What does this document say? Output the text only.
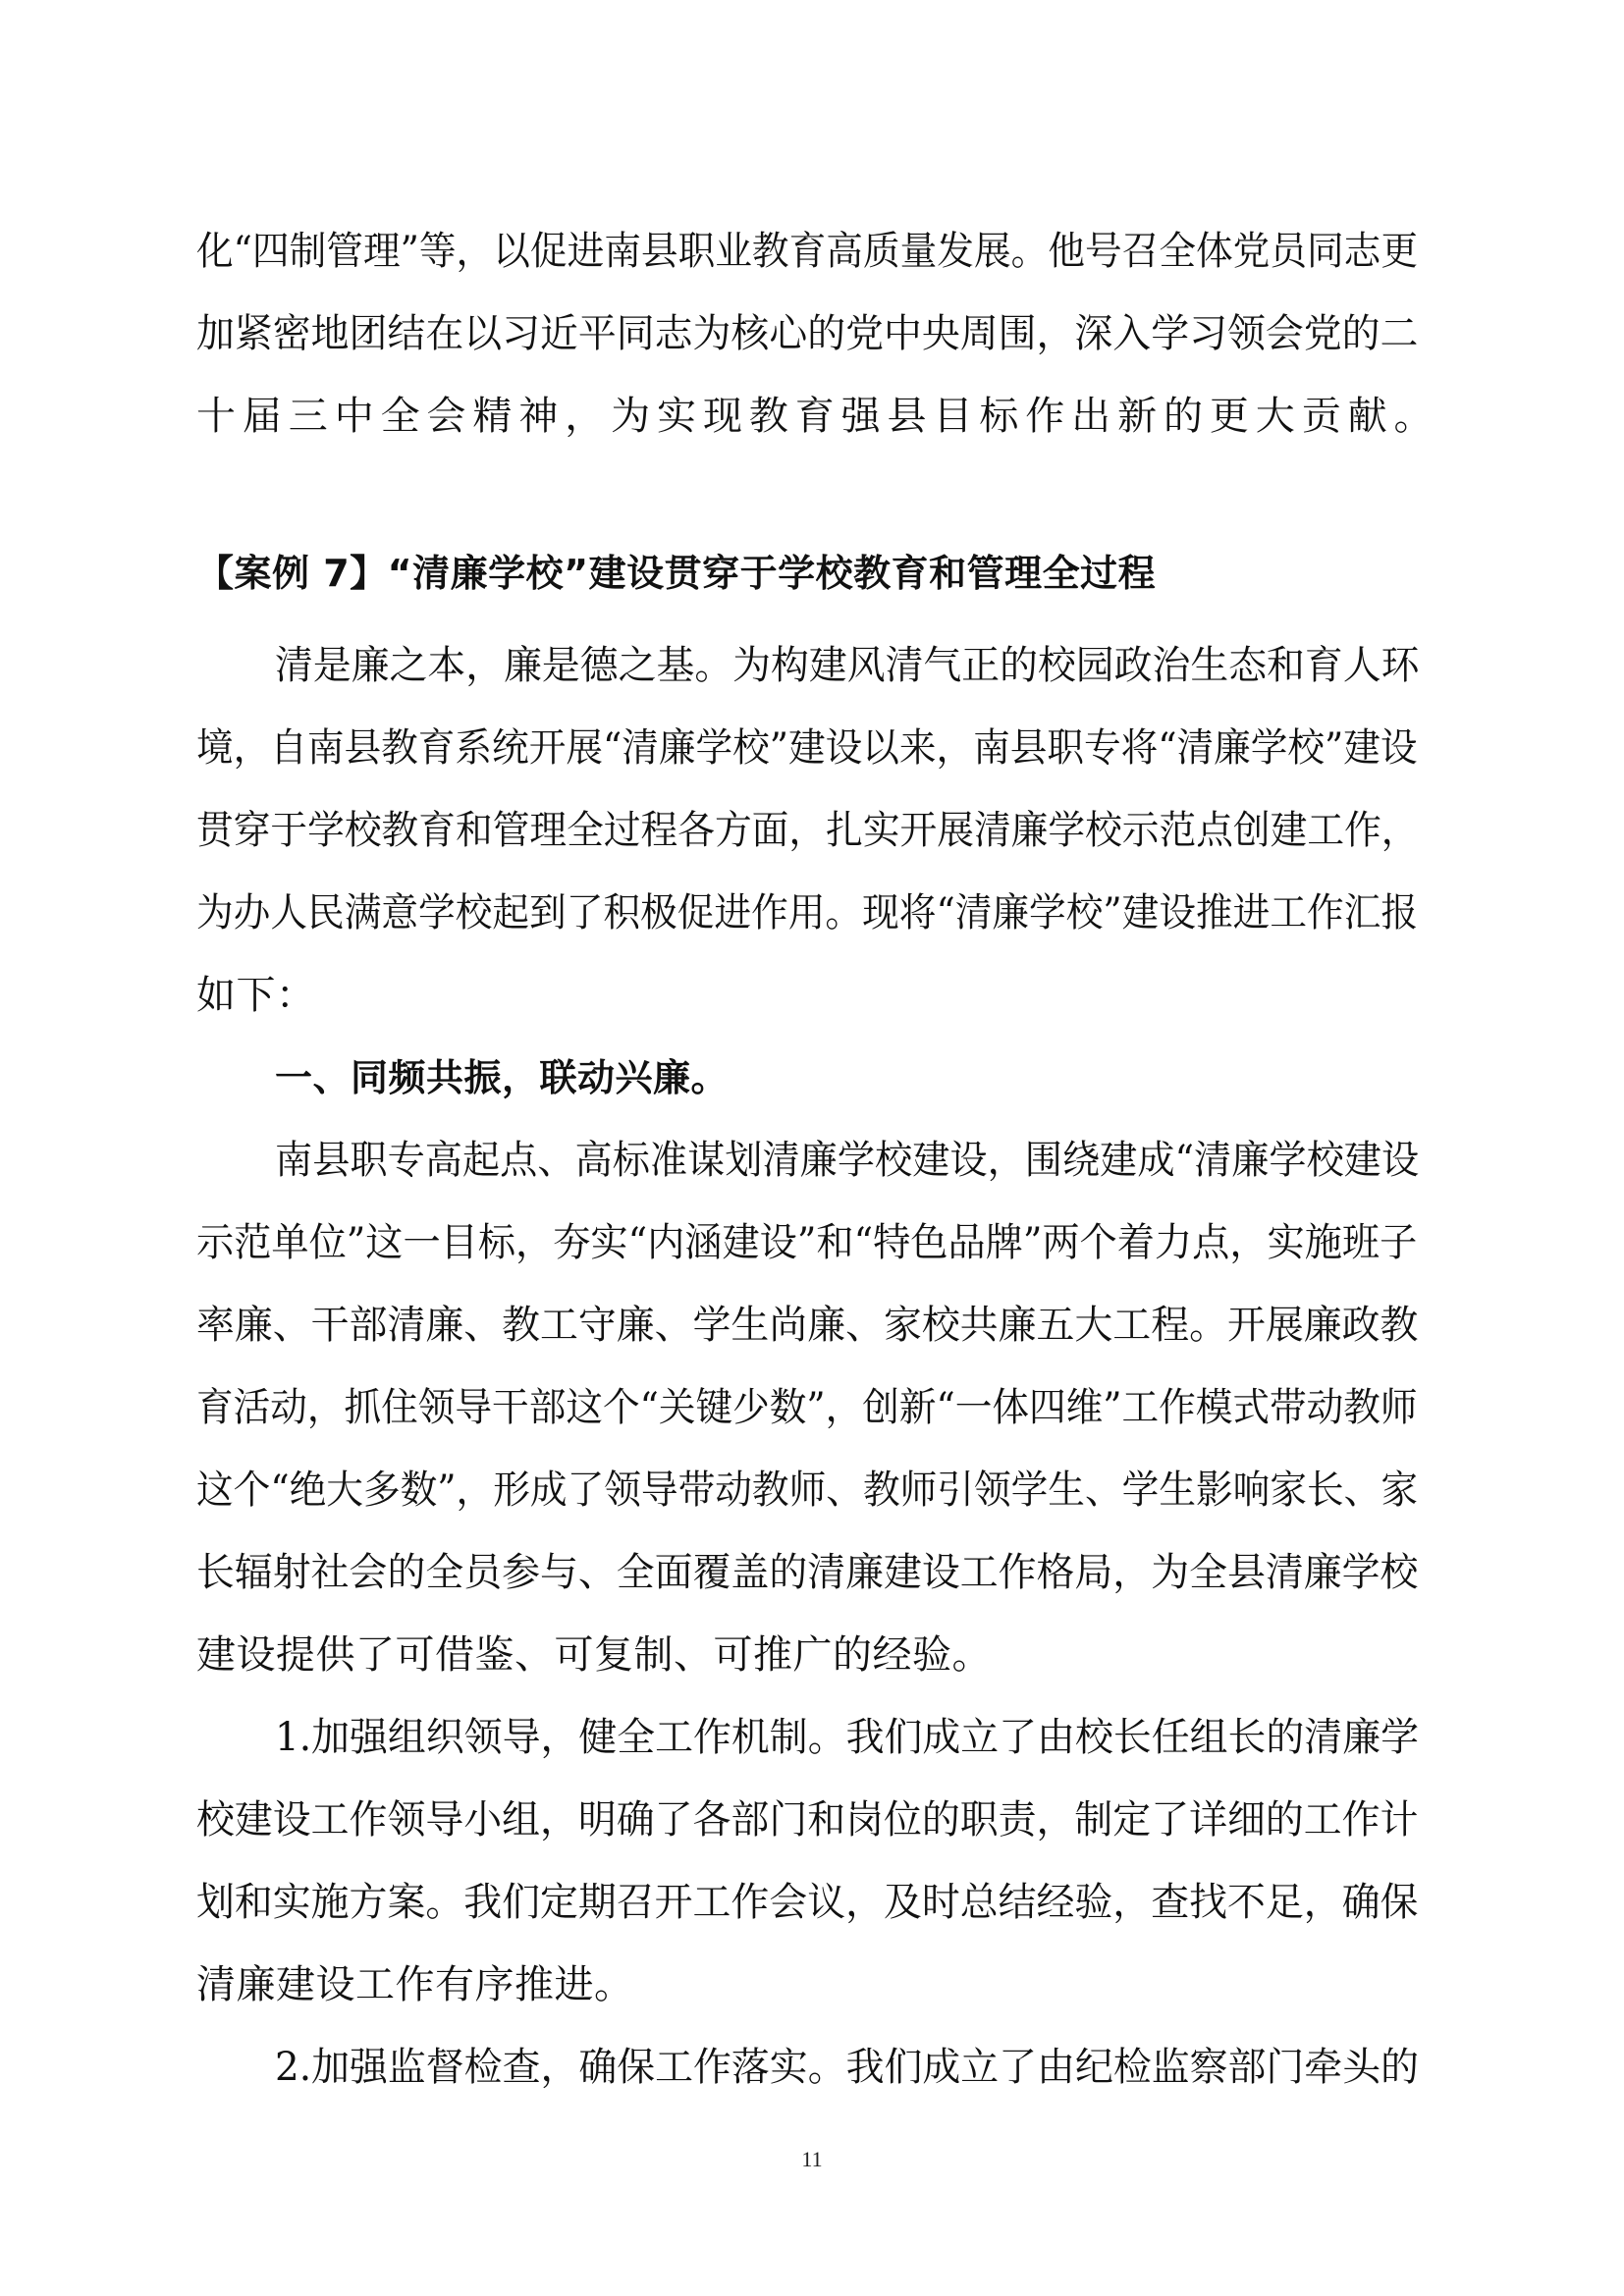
化“四制管理”等，以促进南县职业教育高质量发展。他号召全体党员同志更
加紧密地团结在以习近平同志为核心的党中央周围，深入学习领会党的二
十届三中全会精神，为实现教育强县目标作出新的更大贡献。
【案例 7】“清廉学校”建设贯穿于学校教育和管理全过程
清是廉之本，廉是德之基。为构建风清气正的校园政治生态和育人环
境，自南县教育系统开展“清廉学校”建设以来，南县职专将“清廉学校”建设
贯穿于学校教育和管理全过程各方面，扎实开展清廉学校示范点创建工作，
为办人民满意学校起到了积极促进作用。现将“清廉学校”建设推进工作汇报
如下：
一、同频共振，联动兴廉。
南县职专高起点、高标准谋划清廉学校建设，围绕建成“清廉学校建设
示范单位”这一目标，夯实“内涵建设”和“特色品牌”两个着力点，实施班子
率廉、干部清廉、教工守廉、学生尚廉、家校共廉五大工程。开展廉政教
育活动，抓住领导干部这个“关键少数”，创新“一体四维”工作模式带动教师
这个“绝大多数”，形成了领导带动教师、教师引领学生、学生影响家长、家
长辐射社会的全员参与、全面覆盖的清廉建设工作格局，为全县清廉学校
建设提供了可借鉴、可复制、可推广的经验。
1.加强组织领导，健全工作机制。我们成立了由校长任组长的清廉学
校建设工作领导小组，明确了各部门和岗位的职责，制定了详细的工作计
划和实施方案。我们定期召开工作会议，及时总结经验，查找不足，确保
清廉建设工作有序推进。
2.加强监督检查，确保工作落实。我们成立了由纪检监察部门牵头的
11
